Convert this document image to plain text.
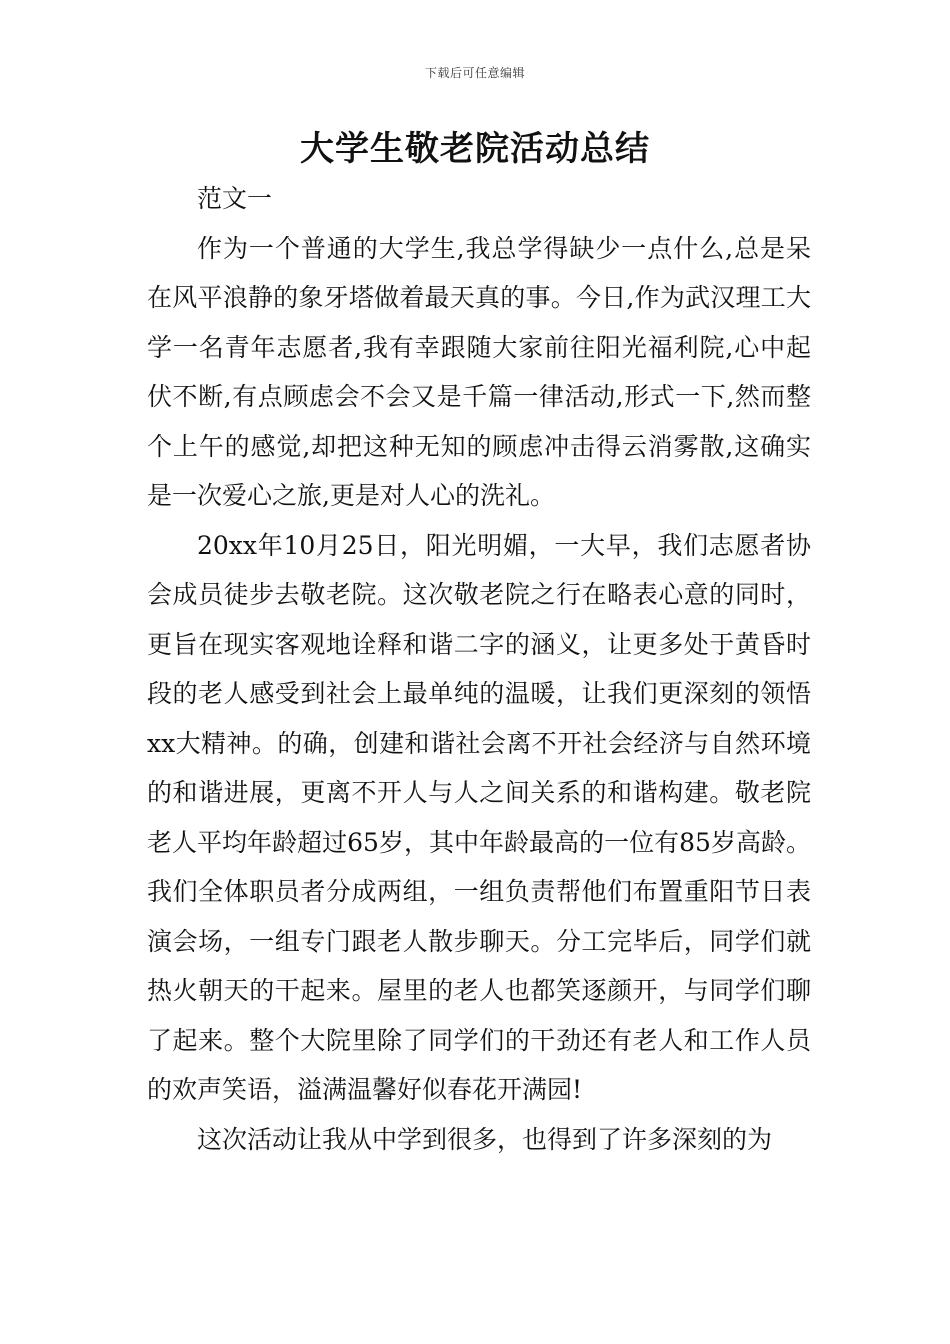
下载后可任意编辑
大学生敬老院活动总结

范文一

作为一个普通的大学生,我总学得缺少一点什么,总是呆在风平浪静的象牙塔做着最天真的事。今日,作为武汉理工大学一名青年志愿者,我有幸跟随大家前往阳光福利院,心中起伏不断,有点顾虑会不会又是千篇一律活动,形式一下,然而整个上午的感觉,却把这种无知的顾虑冲击得云消雾散,这确实是一次爱心之旅,更是对人心的洗礼。

20xx年10月25日，阳光明媚，一大早，我们志愿者协会成员徒步去敬老院。这次敬老院之行在略表心意的同时，更旨在现实客观地诠释和谐二字的涵义，让更多处于黄昏时段的老人感受到社会上最单纯的温暖，让我们更深刻的领悟xx大精神。的确，创建和谐社会离不开社会经济与自然环境的和谐进展，更离不开人与人之间关系的和谐构建。敬老院老人平均年龄超过65岁，其中年龄最高的一位有85岁高龄。我们全体职员者分成两组，一组负责帮他们布置重阳节日表演会场，一组专门跟老人散步聊天。分工完毕后，同学们就热火朝天的干起来。屋里的老人也都笑逐颜开，与同学们聊了起来。整个大院里除了同学们的干劲还有老人和工作人员的欢声笑语，溢满温馨好似春花开满园!

这次活动让我从中学到很多，也得到了许多深刻的为
